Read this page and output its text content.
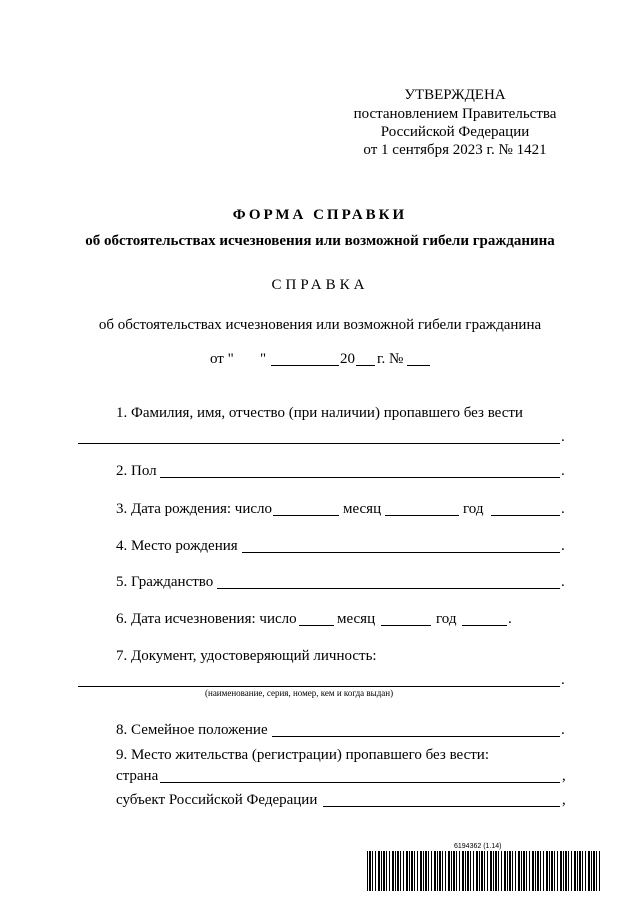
УТВЕРЖДЕНА
постановлением Правительства
Российской Федерации
от 1 сентября 2023 г. № 1421
ФОРМА СПРАВКИ
об обстоятельствах исчезновения или возможной гибели гражданина
СПРАВКА
об обстоятельствах исчезновения или возможной гибели гражданина
от " "	20 г. №
1. Фамилия, имя, отчество (при наличии) пропавшего без вести
.
2. Пол	.
3. Дата рождения: число	месяц	год	.
4. Место рождения	.
5. Гражданство	.
6. Дата исчезновения: число	месяц	год	.
7. Документ, удостоверяющий личность:
.
(наименование, серия, номер, кем и когда выдан)
8. Семейное положение	.
9. Место жительства (регистрации) пропавшего без вести:
страна	,
субъект Российской Федерации	,
6194362 (1.14)
